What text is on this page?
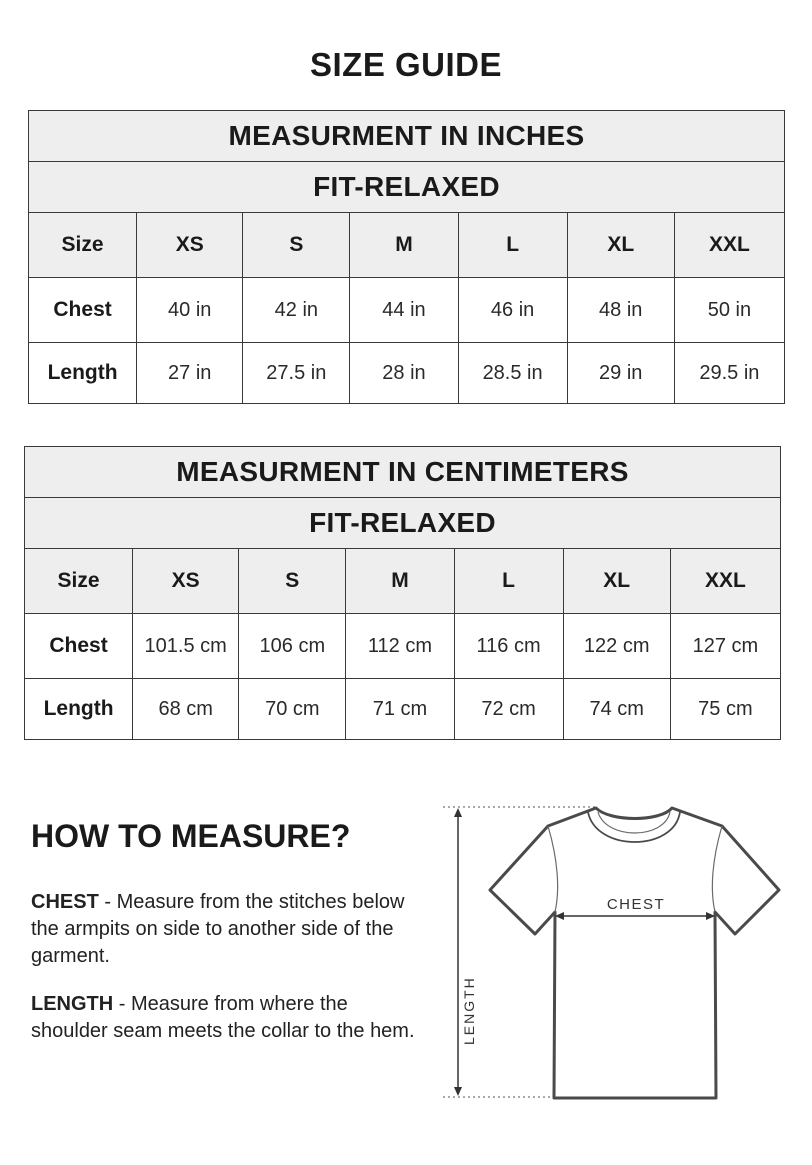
SIZE GUIDE
MEASURMENT IN INCHES						
FIT-RELAXED						
Size	XS	S	M	L	XL	XXL
Chest	40 in	42 in	44 in	46 in	48 in	50 in
Length	27 in	27.5 in	28 in	28.5 in	29 in	29.5 in
MEASURMENT IN CENTIMETERS						
FIT-RELAXED						
Size	XS	S	M	L	XL	XXL
Chest	101.5 cm	106 cm	112 cm	116 cm	122 cm	127 cm
Length	68 cm	70 cm	71 cm	72 cm	74 cm	75 cm
HOW TO MEASURE?
CHEST - Measure from the stitches below the armpits on side to another side of the garment.
LENGTH - Measure from where the shoulder seam meets the collar to the hem.	LENGTH
CHEST
